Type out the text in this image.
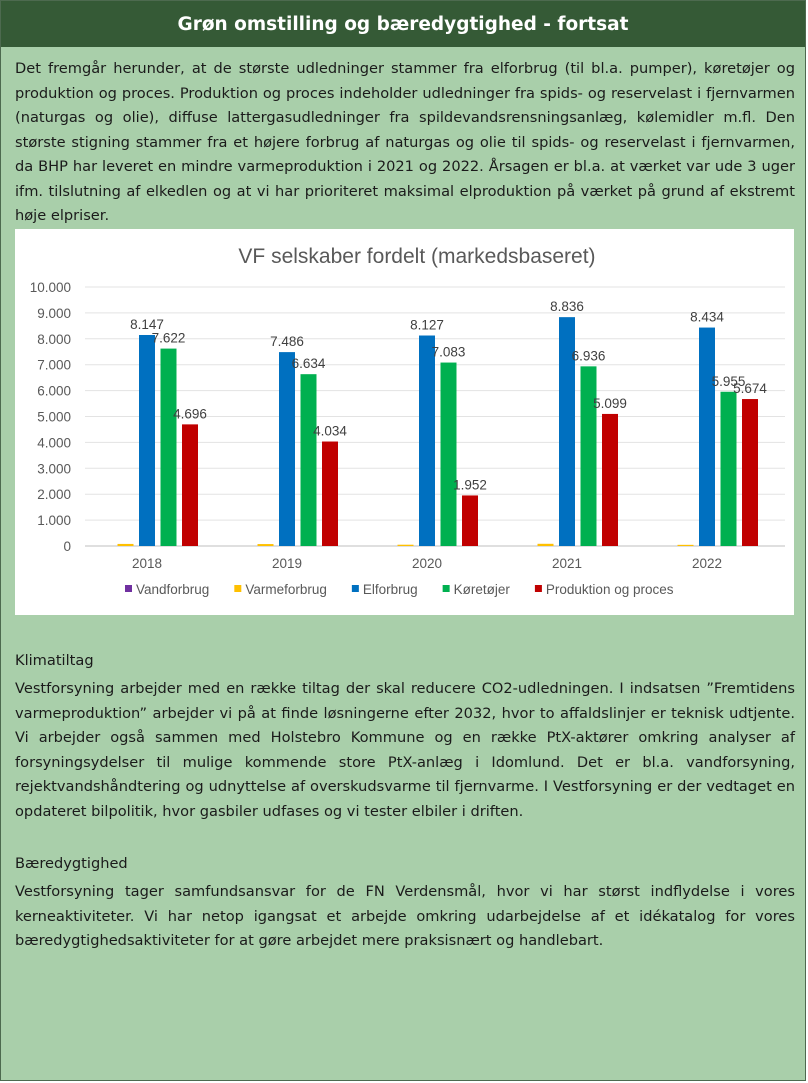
Grøn omstilling og bæredygtighed - fortsat

Det fremgår herunder, at de største udledninger stammer fra elforbrug (til bl.a. pumper), køretøjer og produktion og proces. Produktion og proces indeholder udledninger fra spids- og reservelast i fjernvarmen (naturgas og olie), diffuse lattergasudledninger fra spildevandsrensningsanlæg, kølemidler m.fl. Den største stigning stammer fra et højere forbrug af naturgas og olie til spids- og reservelast i fjernvarmen, da BHP har leveret en mindre varmeproduktion i 2021 og 2022. Årsagen er bl.a. at værket var ude 3 uger ifm. tilslutning af elkedlen og at vi har prioriteret maksimal elproduktion på værket på grund af ekstremt høje elpriser.

VF selskaber fordelt (markedsbaseret)
0
1.000
2.000
3.000
4.000
5.000
6.000
7.000
8.000
9.000
10.000
8.147
7.622
4.696
2018
7.486
6.634
4.034
2019
8.127
7.083
1.952
2020
8.836
6.936
5.099
2021
8.434
5.955
5.674
2022
Vandforbrug	Varmeforbrug	Elforbrug	Køretøjer	Produktion og proces

Klimatiltag

Vestforsyning arbejder med en række tiltag der skal reducere CO2-udledningen. I indsatsen ”Fremtidens varmeproduktion” arbejder vi på at finde løsningerne efter 2032, hvor to affaldslinjer er teknisk udtjente. Vi arbejder også sammen med Holstebro Kommune og en række PtX-aktører omkring analyser af forsyningsydelser til mulige kommende store PtX-anlæg i Idomlund. Det er bl.a. vandforsyning, rejektvandshåndtering og udnyttelse af overskudsvarme til fjernvarme. I Vestforsyning er der vedtaget en opdateret bilpolitik, hvor gasbiler udfases og vi tester elbiler i driften.

Bæredygtighed

Vestforsyning tager samfundsansvar for de FN Verdensmål, hvor vi har størst indflydelse i vores kerneaktiviteter. Vi har netop igangsat et arbejde omkring udarbejdelse af et idékatalog for vores bæredygtighedsaktiviteter for at gøre arbejdet mere praksisnært og handlebart.
